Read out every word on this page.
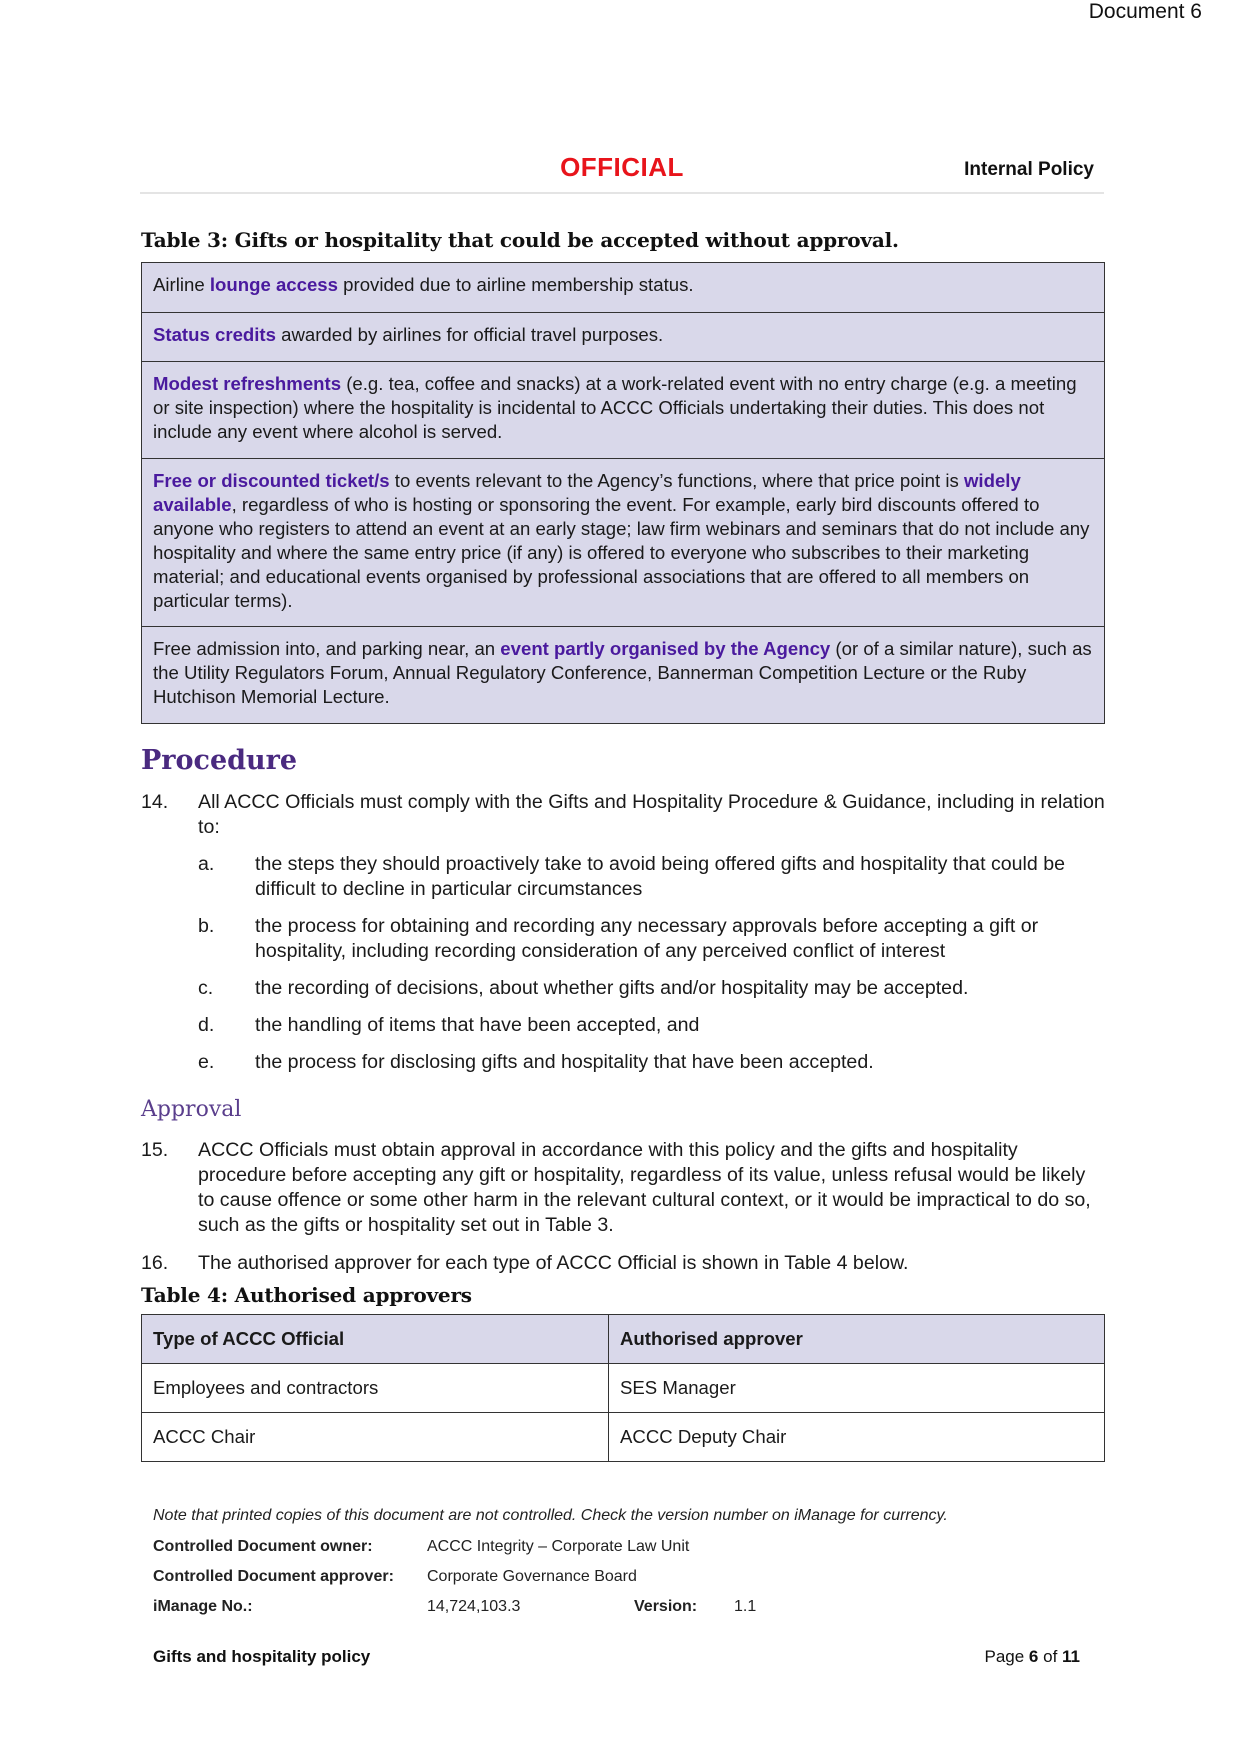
Document 6
OFFICIAL	Internal Policy
Table 3: Gifts or hospitality that could be accepted without approval.
Airline lounge access provided due to airline membership status.
Status credits awarded by airlines for official travel purposes.
Modest refreshments (e.g. tea, coffee and snacks) at a work-related event with no entry charge (e.g. a meeting or site inspection) where the hospitality is incidental to ACCC Officials undertaking their duties. This does not include any event where alcohol is served.
Free or discounted ticket/s to events relevant to the Agency’s functions, where that price point is widely available, regardless of who is hosting or sponsoring the event. For example, early bird discounts offered to anyone who registers to attend an event at an early stage; law firm webinars and seminars that do not include any hospitality and where the same entry price (if any) is offered to everyone who subscribes to their marketing material; and educational events organised by professional associations that are offered to all members on particular terms).
Free admission into, and parking near, an event partly organised by the Agency (or of a similar nature), such as the Utility Regulators Forum, Annual Regulatory Conference, Bannerman Competition Lecture or the Ruby Hutchison Memorial Lecture.
Procedure
14. All ACCC Officials must comply with the Gifts and Hospitality Procedure & Guidance, including in relation to:
a. the steps they should proactively take to avoid being offered gifts and hospitality that could be difficult to decline in particular circumstances
b. the process for obtaining and recording any necessary approvals before accepting a gift or hospitality, including recording consideration of any perceived conflict of interest
c. the recording of decisions, about whether gifts and/or hospitality may be accepted.
d. the handling of items that have been accepted, and
e. the process for disclosing gifts and hospitality that have been accepted.
Approval
15. ACCC Officials must obtain approval in accordance with this policy and the gifts and hospitality procedure before accepting any gift or hospitality, regardless of its value, unless refusal would be likely to cause offence or some other harm in the relevant cultural context, or it would be impractical to do so, such as the gifts or hospitality set out in Table 3.
16. The authorised approver for each type of ACCC Official is shown in Table 4 below.
Table 4: Authorised approvers
Type of ACCC Official	Authorised approver
Employees and contractors	SES Manager
ACCC Chair	ACCC Deputy Chair
Note that printed copies of this document are not controlled. Check the version number on iManage for currency.
Controlled Document owner:	ACCC Integrity – Corporate Law Unit
Controlled Document approver: Corporate Governance Board
iManage No.:	14,724,103.3	Version: 1.1
Gifts and hospitality policy	Page 6 of 11
